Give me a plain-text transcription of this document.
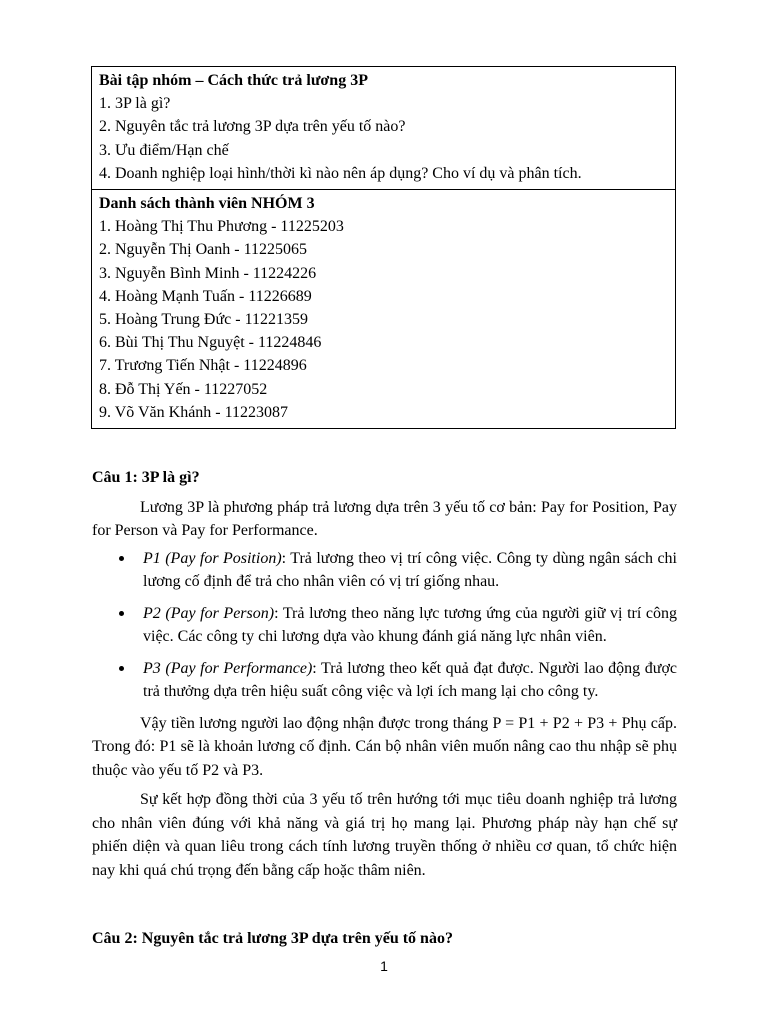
Bài tập nhóm – Cách thức trả lương 3P
1. 3P là gì?
2. Nguyên tắc trả lương 3P dựa trên yếu tố nào?
3. Ưu điểm/Hạn chế
4. Doanh nghiệp loại hình/thời kì nào nên áp dụng? Cho ví dụ và phân tích.
Danh sách thành viên NHÓM 3
1. Hoàng Thị Thu Phương - 11225203
2. Nguyễn Thị Oanh - 11225065
3. Nguyễn Bình Minh - 11224226
4. Hoàng Mạnh Tuấn - 11226689
5. Hoàng Trung Đức - 11221359
6. Bùi Thị Thu Nguyệt - 11224846
7. Trương Tiến Nhật - 11224896
8. Đỗ Thị Yến - 11227052
9. Võ Văn Khánh - 11223087

Câu 1: 3P là gì?

Lương 3P là phương pháp trả lương dựa trên 3 yếu tố cơ bản: Pay for Position, Pay for Person và Pay for Performance.

P1 (Pay for Position): Trả lương theo vị trí công việc. Công ty dùng ngân sách chi lương cố định để trả cho nhân viên có vị trí giống nhau.
P2 (Pay for Person): Trả lương theo năng lực tương ứng của người giữ vị trí công việc. Các công ty chi lương dựa vào khung đánh giá năng lực nhân viên.
P3 (Pay for Performance): Trả lương theo kết quả đạt được. Người lao động được trả thưởng dựa trên hiệu suất công việc và lợi ích mang lại cho công ty.

Vậy tiền lương người lao động nhận được trong tháng P = P1 + P2 + P3 + Phụ cấp. Trong đó: P1 sẽ là khoản lương cố định. Cán bộ nhân viên muốn nâng cao thu nhập sẽ phụ thuộc vào yếu tố P2 và P3.

Sự kết hợp đồng thời của 3 yếu tố trên hướng tới mục tiêu doanh nghiệp trả lương cho nhân viên đúng với khả năng và giá trị họ mang lại. Phương pháp này hạn chế sự phiến diện và quan liêu trong cách tính lương truyền thống ở nhiều cơ quan, tổ chức hiện nay khi quá chú trọng đến bằng cấp hoặc thâm niên.

Câu 2: Nguyên tắc trả lương 3P dựa trên yếu tố nào?
1
